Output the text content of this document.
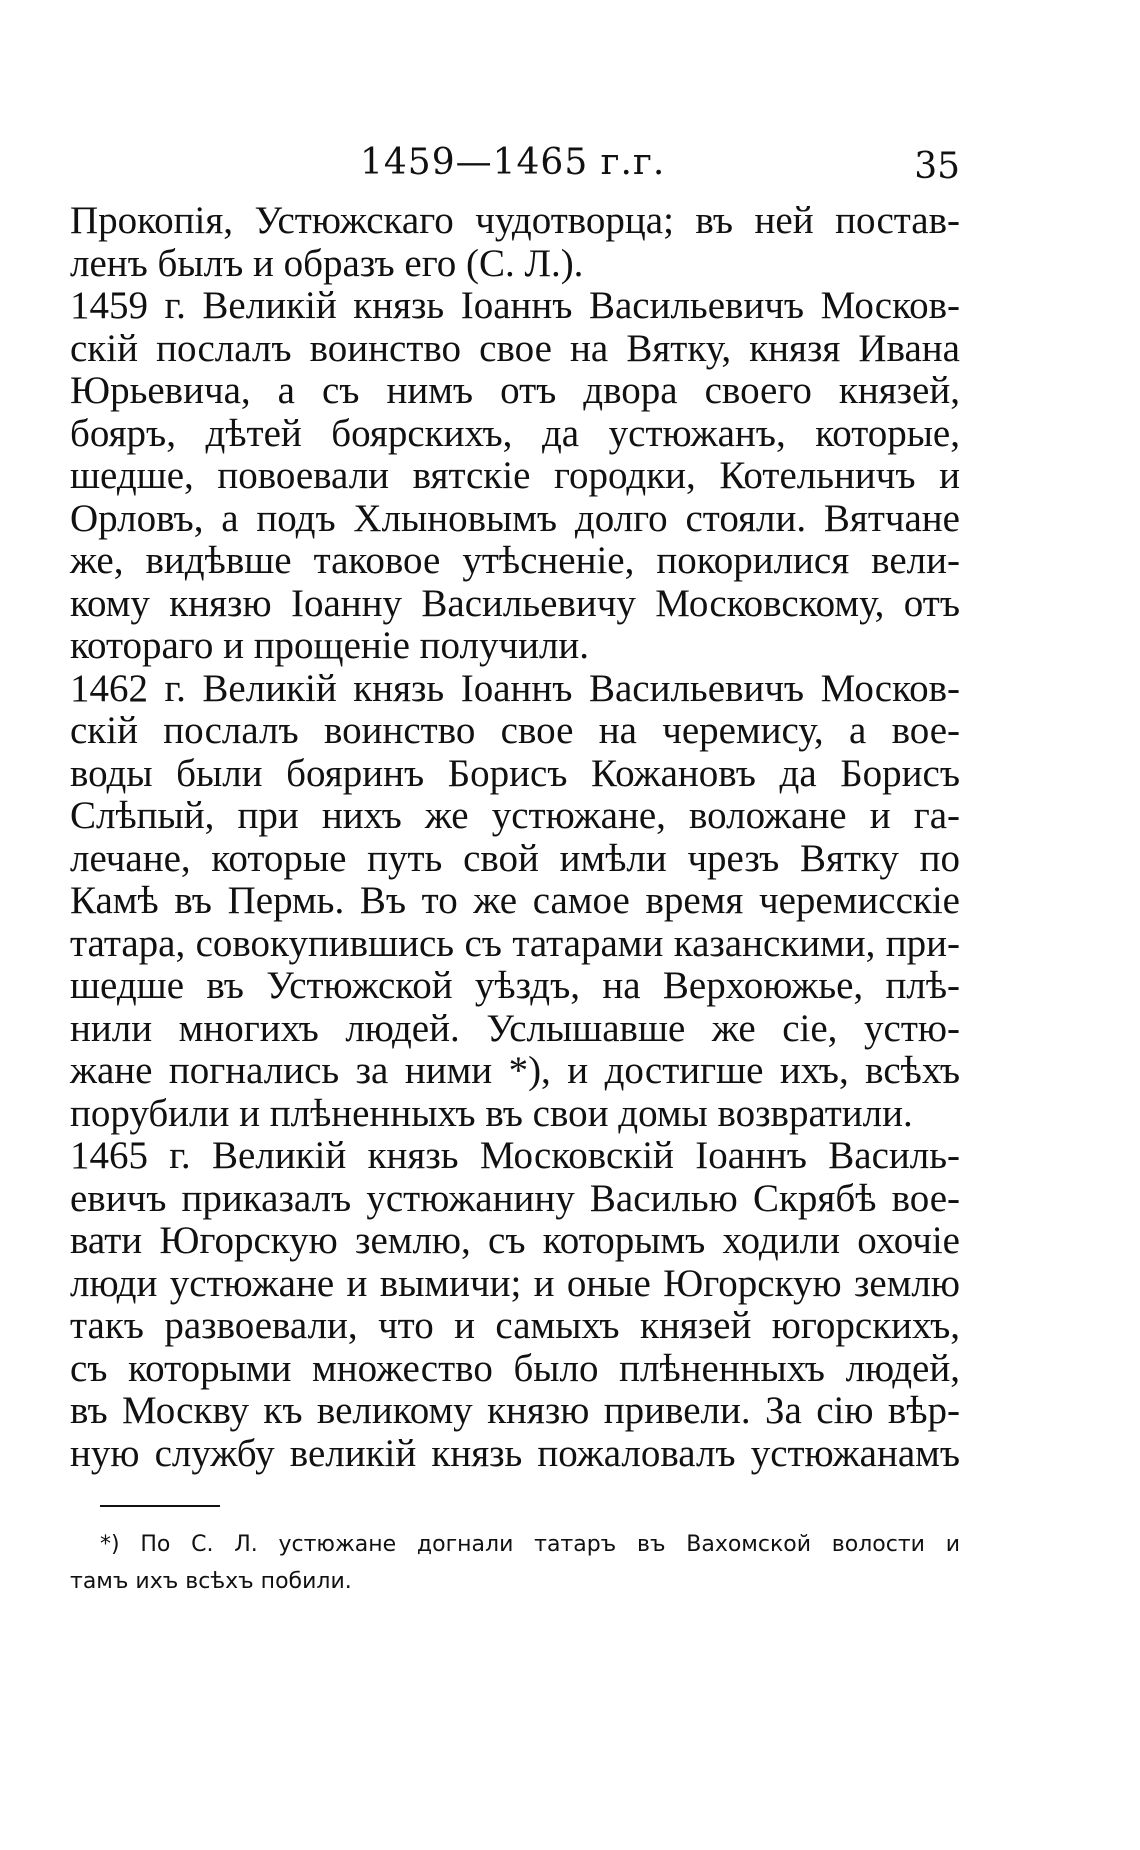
1459—1465 г.г.	35
Прокопія, Устюжскаго чудотворца; въ ней постав-
ленъ былъ и образъ его (С. Л.).
1459 г. Великій князь Іоаннъ Васильевичъ Москов-
скій послалъ воинство свое на Вятку, князя Ивана
Юрьевича, а съ нимъ отъ двора своего князей,
бояръ, дѣтей боярскихъ, да устюжанъ, которые,
шедше, повоевали вятскіе городки, Котельничъ и
Орловъ, а подъ Хлыновымъ долго стояли. Вятчане
же, видѣвше таковое утѣсненіе, покорилися вели-
кому князю Іоанну Васильевичу Московскому, отъ
котораго и прощеніе получили.
1462 г. Великій князь Іоаннъ Васильевичъ Москов-
скій послалъ воинство свое на черемису, а вое-
воды были бояринъ Борисъ Кожановъ да Борисъ
Слѣпый, при нихъ же устюжане, воложане и га-
лечане, которые путь свой имѣли чрезъ Вятку по
Камѣ въ Пермь. Въ то же самое время черемисскіе
татара, совокупившись съ татарами казанскими, при-
шедше въ Устюжской уѣздъ, на Верхоюжье, плѣ-
нили многихъ людей. Услышавше же сіе, устю-
жане погнались за ними *), и достигше ихъ, всѣхъ
порубили и плѣненныхъ въ свои домы возвратили.
1465 г. Великій князь Московскій Іоаннъ Василь-
евичъ приказалъ устюжанину Василью Скрябѣ вое-
вати Югорскую землю, съ которымъ ходили охочіе
люди устюжане и вымичи; и оные Югорскую землю
такъ развоевали, что и самыхъ князей югорскихъ,
съ которыми множество было плѣненныхъ людей,
въ Москву къ великому князю привели. За сію вѣр-
ную службу великій князь пожаловалъ устюжанамъ
*) По С. Л. устюжане догнали татаръ въ Вахомской волости и
тамъ ихъ всѣхъ побили.
